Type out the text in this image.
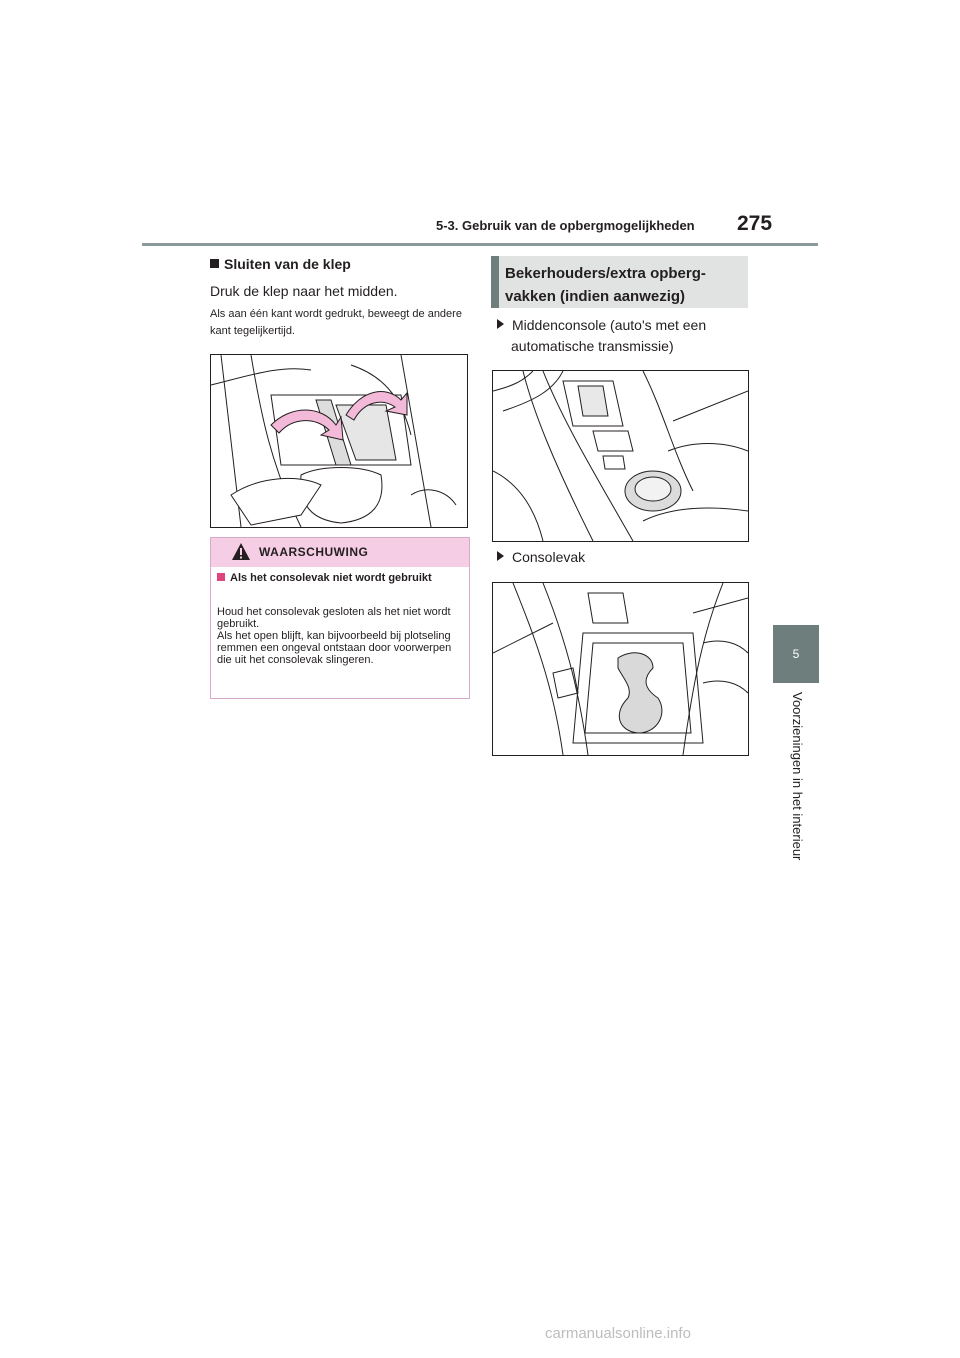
5-3. Gebruik van de opbergmogelijkheden 275
5
Voorzieningen in het interieur
Sluiten van de klep
Druk de klep naar het midden.
Als aan één kant wordt gedrukt, beweegt de andere kant tegelijkertijd.
WAARSCHUWING
Als het consolevak niet wordt gebruikt
Houd het consolevak gesloten als het niet wordt gebruikt.
Als het open blijft, kan bijvoorbeeld bij plotseling remmen een ongeval ontstaan door voorwerpen die uit het consolevak slingeren.
Bekerhouders/extra opberg-
vakken (indien aanwezig)
Middenconsole (auto's met een
automatische transmissie)
Consolevak
carmanualsonline.info
